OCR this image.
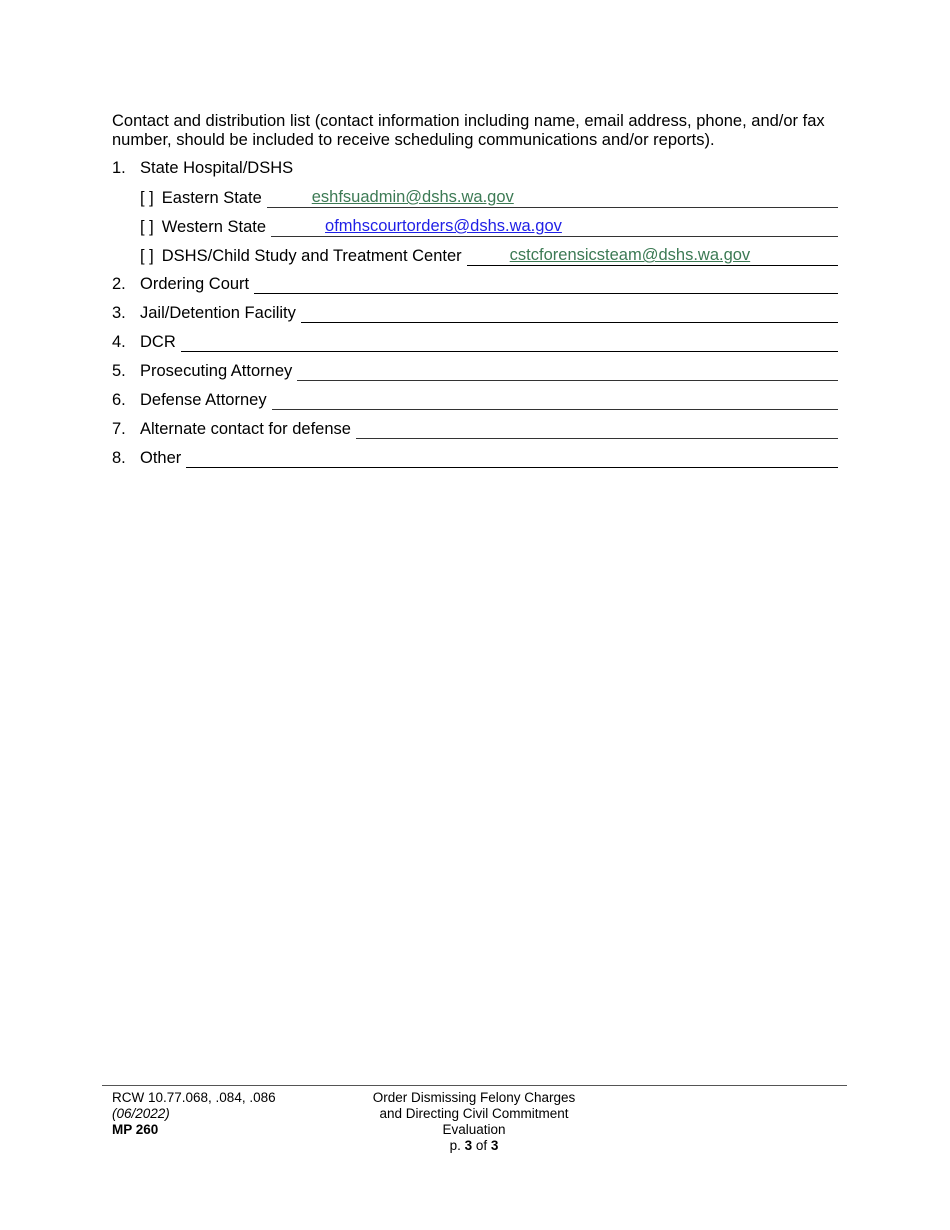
Contact and distribution list (contact information including name, email address, phone, and/or fax number, should be included to receive scheduling communications and/or reports).

1. State Hospital/DSHS
[ ] Eastern State	eshfsuadmin@dshs.wa.gov
[ ] Western State	ofmhscourtorders@dshs.wa.gov
[ ] DSHS/Child Study and Treatment Center	cstcforensicsteam@dshs.wa.gov
2. Ordering Court
3. Jail/Detention Facility
4. DCR
5. Prosecuting Attorney
6. Defense Attorney
7. Alternate contact for defense
8. Other
RCW 10.77.068, .084, .086
(06/2022)
MP 260
Order Dismissing Felony Charges
and Directing Civil Commitment
Evaluation
p. 3 of 3
